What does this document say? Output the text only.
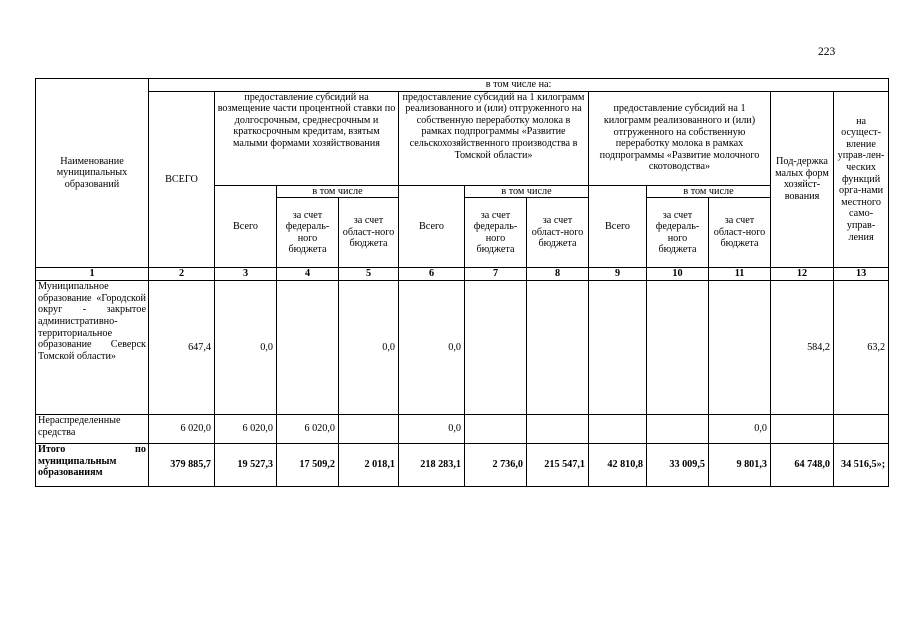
223
Наименование муниципальных образований	в том числе на:											
	ВСЕГО	предоставление субсидий на возмещение части процентной ставки по долгосрочным, среднесрочным и краткосрочным кредитам, взятым малыми формами хозяйствования			предоставление субсидий на 1 килограмм реализованного и (или) отгруженного на собственную переработку молока в рамках подпрограммы «Развитие сельскохозяйственного производства в Томской области»			предоставление субсидий на 1 килограмм реализованного и (или) отгруженного на собственную переработку молока в рамках подпрограммы «Развитие молочного скотоводства»			Под-держка малых форм хозяйст-вования	на осущест-вление управ-лен-ческих функций орга-нами местного само-управ-ления
		Всего	в том числе		Всего	в том числе		Всего	в том числе			
			за счет федераль-ного бюджета	за счет област-ного бюджета		за счет федераль-ного бюджета	за счет област-ного бюджета		за счет федераль-ного бюджета	за счет област-ного бюджета		
1	2	3	4	5	6	7	8	9	10	11	12	13
Муниципальное образование «Городской округ - закрытое административно-территориальное образование Северск Томской области»	647,4	0,0		0,0	0,0						584,2	63,2
Нераспределенные средства	6 020,0	6 020,0	6 020,0		0,0					0,0		
Итого по муниципальным образованиям	379 885,7	19 527,3	17 509,2	2 018,1	218 283,1	2 736,0	215 547,1	42 810,8	33 009,5	9 801,3	64 748,0	34 516,5»;
